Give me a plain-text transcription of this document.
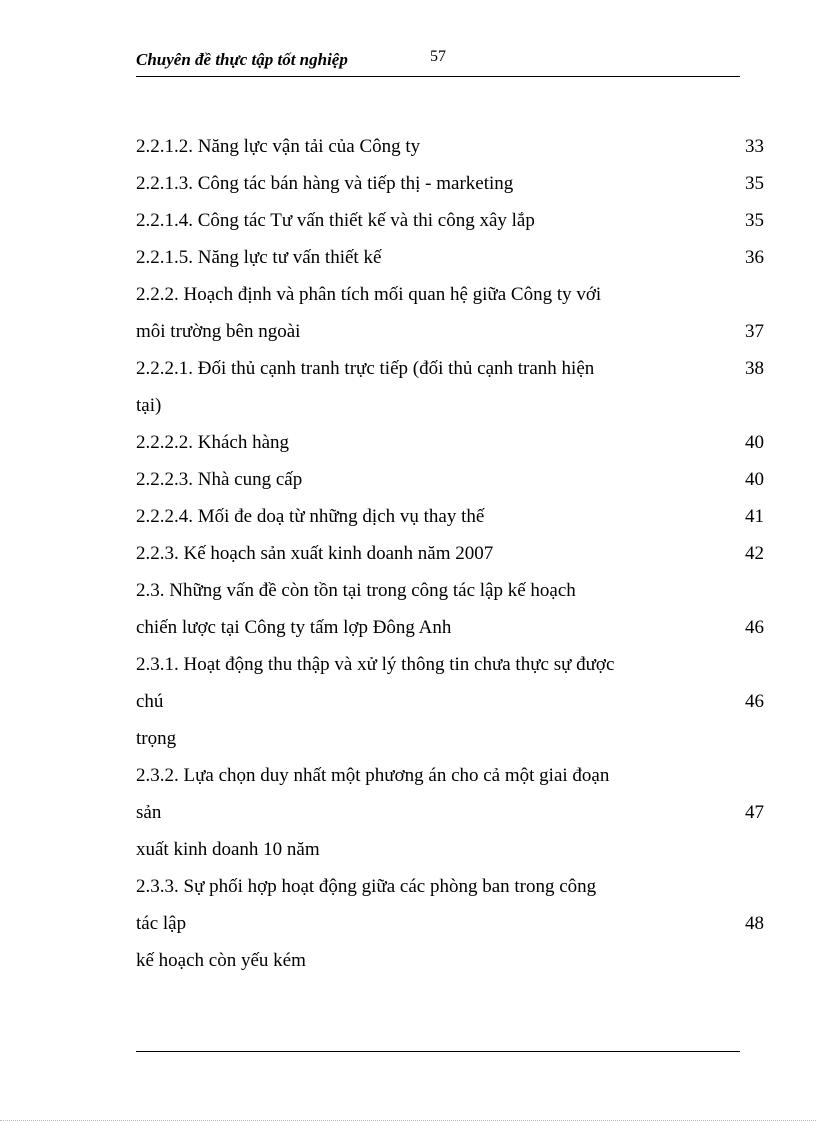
Chuyên đề thực tập tốt nghiệp	57
2.2.1.2. Năng lực vận tải của Công ty	33
2.2.1.3. Công tác bán hàng và tiếp thị - marketing	35
2.2.1.4. Công tác Tư vấn thiết kế và thi công xây lắp	35
2.2.1.5. Năng lực tư vấn thiết kế	36
2.2.2. Hoạch định và phân tích mối quan hệ giữa Công ty với
môi trường bên ngoài	37
2.2.2.1. Đối thủ cạnh tranh trực tiếp (đối thủ cạnh tranh hiện	38
tại)
2.2.2.2. Khách hàng	40
2.2.2.3. Nhà cung cấp	40
2.2.2.4. Mối đe doạ từ những dịch vụ thay thế	41
2.2.3. Kế hoạch sản xuất kinh doanh năm 2007	42
2.3. Những vấn đề còn tồn tại trong công tác lập kế hoạch
chiến lược tại Công ty tấm lợp Đông Anh	46
2.3.1. Hoạt động thu thập và xử lý thông tin chưa thực sự được
chú	46
trọng
2.3.2. Lựa chọn duy nhất một phương án cho cả một giai đoạn
sản	47
xuất kinh doanh 10 năm
2.3.3. Sự phối hợp hoạt động giữa các phòng ban trong công
tác lập	48
kế hoạch còn yếu kém
